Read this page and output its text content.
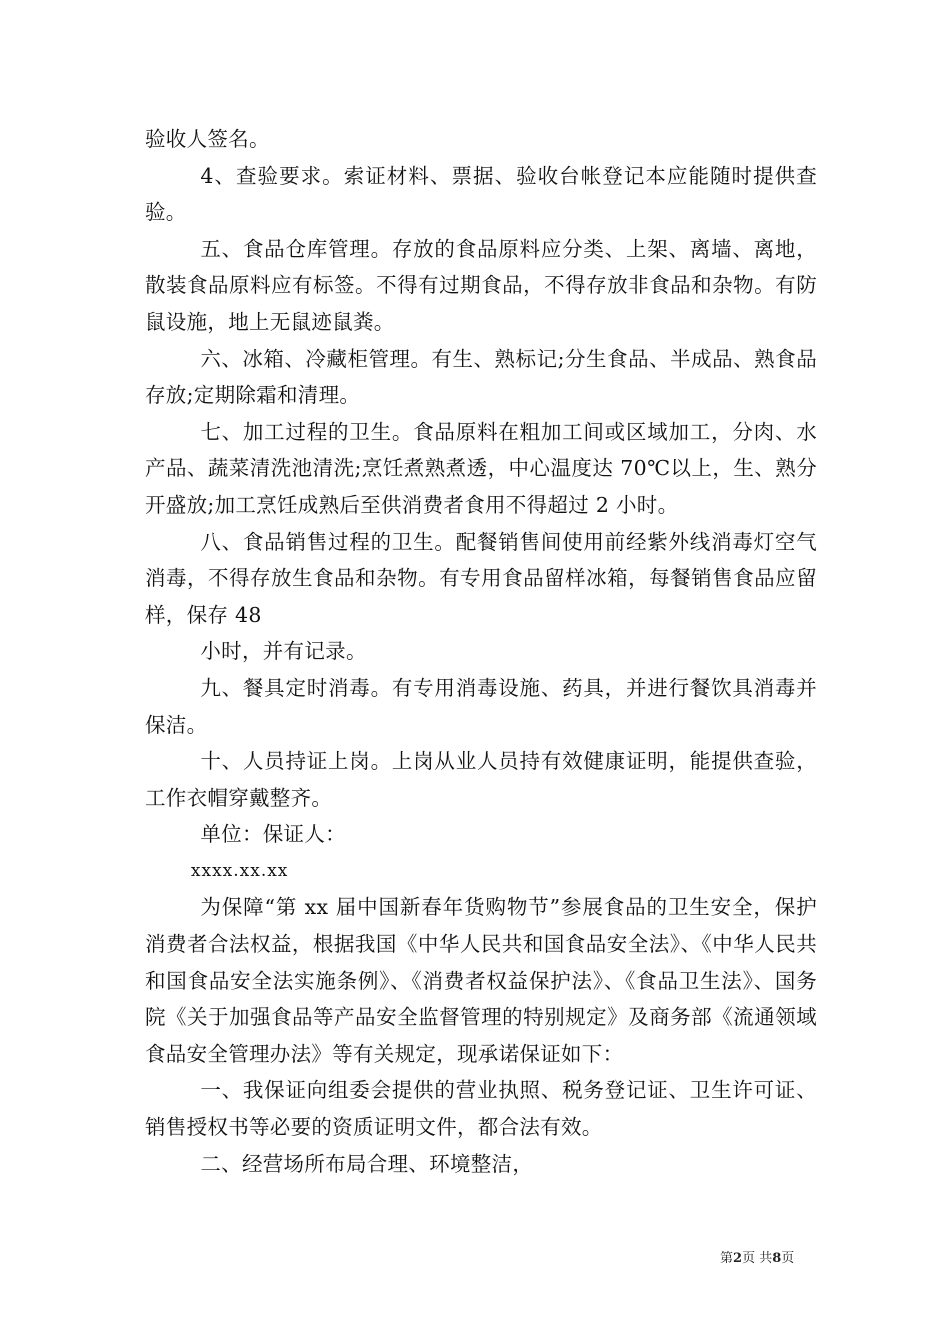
验收人签名。

4、查验要求。索证材料、票据、验收台帐登记本应能随时提供查验。

五、食品仓库管理。存放的食品原料应分类、上架、离墙、离地，散装食品原料应有标签。不得有过期食品，不得存放非食品和杂物。有防鼠设施，地上无鼠迹鼠粪。

六、冰箱、冷藏柜管理。有生、熟标记;分生食品、半成品、熟食品存放;定期除霜和清理。

七、加工过程的卫生。食品原料在粗加工间或区域加工，分肉、水产品、蔬菜清洗池清洗;烹饪煮熟煮透，中心温度达 70℃以上，生、熟分开盛放;加工烹饪成熟后至供消费者食用不得超过 2 小时。

八、食品销售过程的卫生。配餐销售间使用前经紫外线消毒灯空气消毒，不得存放生食品和杂物。有专用食品留样冰箱，每餐销售食品应留样，保存 48

小时，并有记录。

九、餐具定时消毒。有专用消毒设施、药具，并进行餐饮具消毒并保洁。

十、人员持证上岗。上岗从业人员持有效健康证明，能提供查验，工作衣帽穿戴整齐。

单位：保证人：

xxxx.xx.xx

为保障“第 xx 届中国新春年货购物节”参展食品的卫生安全，保护消费者合法权益，根据我国《中华人民共和国食品安全法》、《中华人民共和国食品安全法实施条例》、《消费者权益保护法》、《食品卫生法》、国务院《关于加强食品等产品安全监督管理的特别规定》及商务部《流通领域食品安全管理办法》等有关规定，现承诺保证如下：

一、我保证向组委会提供的营业执照、税务登记证、卫生许可证、销售授权书等必要的资质证明文件，都合法有效。

二、经营场所布局合理、环境整洁，

第2页 共8页
